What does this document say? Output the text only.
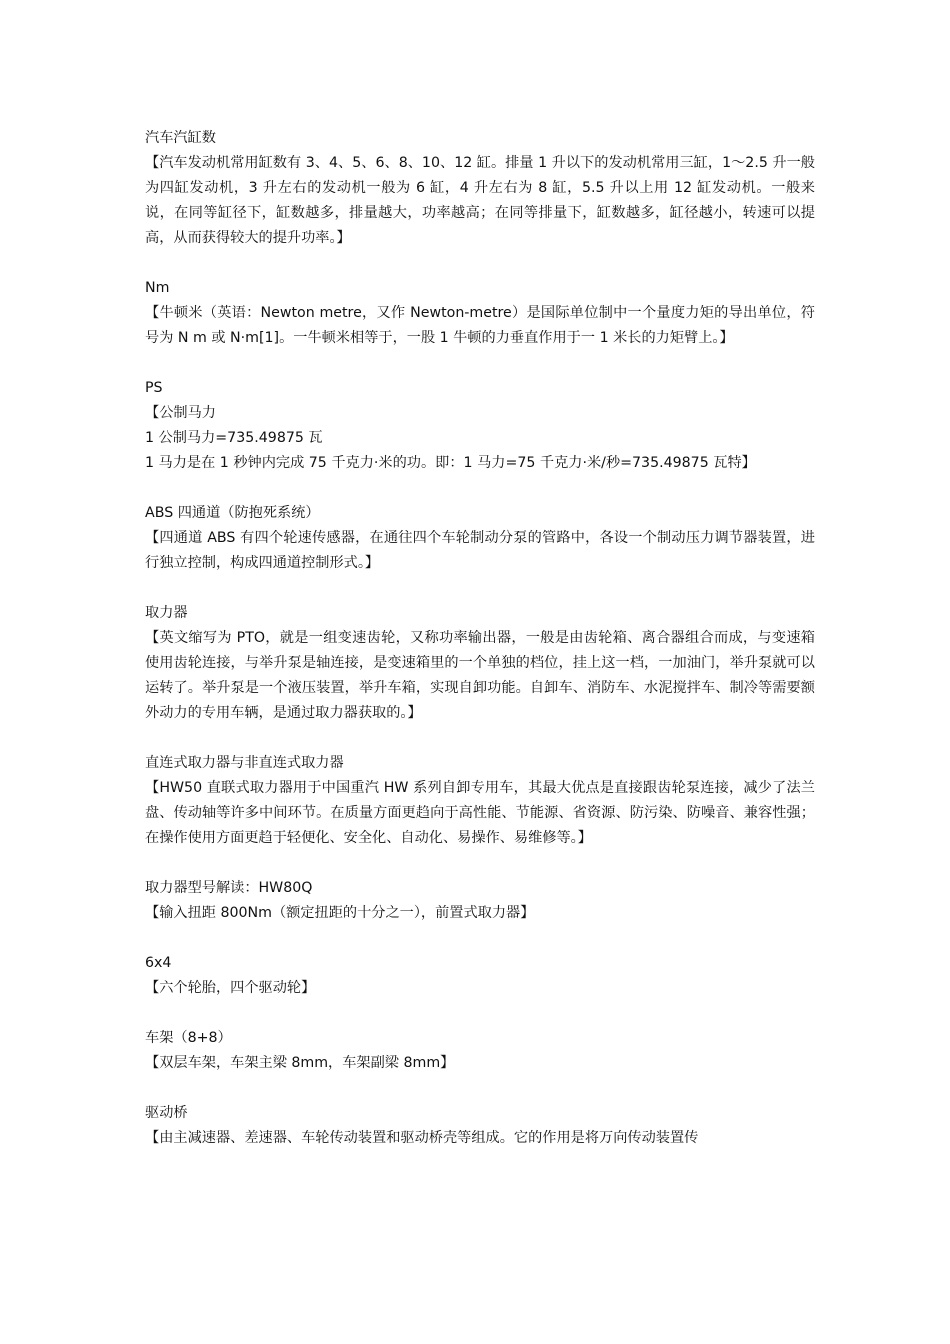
汽车汽缸数

【汽车发动机常用缸数有 3、4、5、6、8、10、12 缸。排量 1 升以下的发动机常用三缸，1～2.5 升一般为四缸发动机，3 升左右的发动机一般为 6 缸，4 升左右为 8 缸，5.5 升以上用 12 缸发动机。一般来说，在同等缸径下，缸数越多，排量越大，功率越高；在同等排量下，缸数越多，缸径越小，转速可以提高，从而获得较大的提升功率。】

Nm

【牛顿米（英语：Newton metre，又作 Newton-metre）是国际单位制中一个量度力矩的导出单位，符号为 N m 或 N·m[1]。一牛顿米相等于，一股 1 牛顿的力垂直作用于一 1 米长的力矩臂上。】

PS

【公制马力
1 公制马力=735.49875 瓦
1 马力是在 1 秒钟内完成 75 千克力·米的功。即：1 马力=75 千克力·米/秒=735.49875 瓦特】

ABS 四通道（防抱死系统）

【四通道 ABS 有四个轮速传感器，在通往四个车轮制动分泵的管路中，各设一个制动压力调节器装置，进行独立控制，构成四通道控制形式。】

取力器

【英文缩写为 PTO，就是一组变速齿轮，又称功率输出器，一般是由齿轮箱、离合器组合而成，与变速箱使用齿轮连接，与举升泵是轴连接，是变速箱里的一个单独的档位，挂上这一档，一加油门，举升泵就可以运转了。举升泵是一个液压装置，举升车箱，实现自卸功能。自卸车、消防车、水泥搅拌车、制冷等需要额外动力的专用车辆，是通过取力器获取的。】

直连式取力器与非直连式取力器

【HW50 直联式取力器用于中国重汽 HW 系列自卸专用车，其最大优点是直接跟齿轮泵连接，减少了法兰盘、传动轴等许多中间环节。在质量方面更趋向于高性能、节能源、省资源、防污染、防噪音、兼容性强；在操作使用方面更趋于轻便化、安全化、自动化、易操作、易维修等。】

取力器型号解读：HW80Q

【输入扭距 800Nm（额定扭距的十分之一），前置式取力器】

6x4

【六个轮胎，四个驱动轮】

车架（8+8）

【双层车架，车架主梁 8mm，车架副梁 8mm】

驱动桥

【由主减速器、差速器、车轮传动装置和驱动桥壳等组成。它的作用是将万向传动装置传
